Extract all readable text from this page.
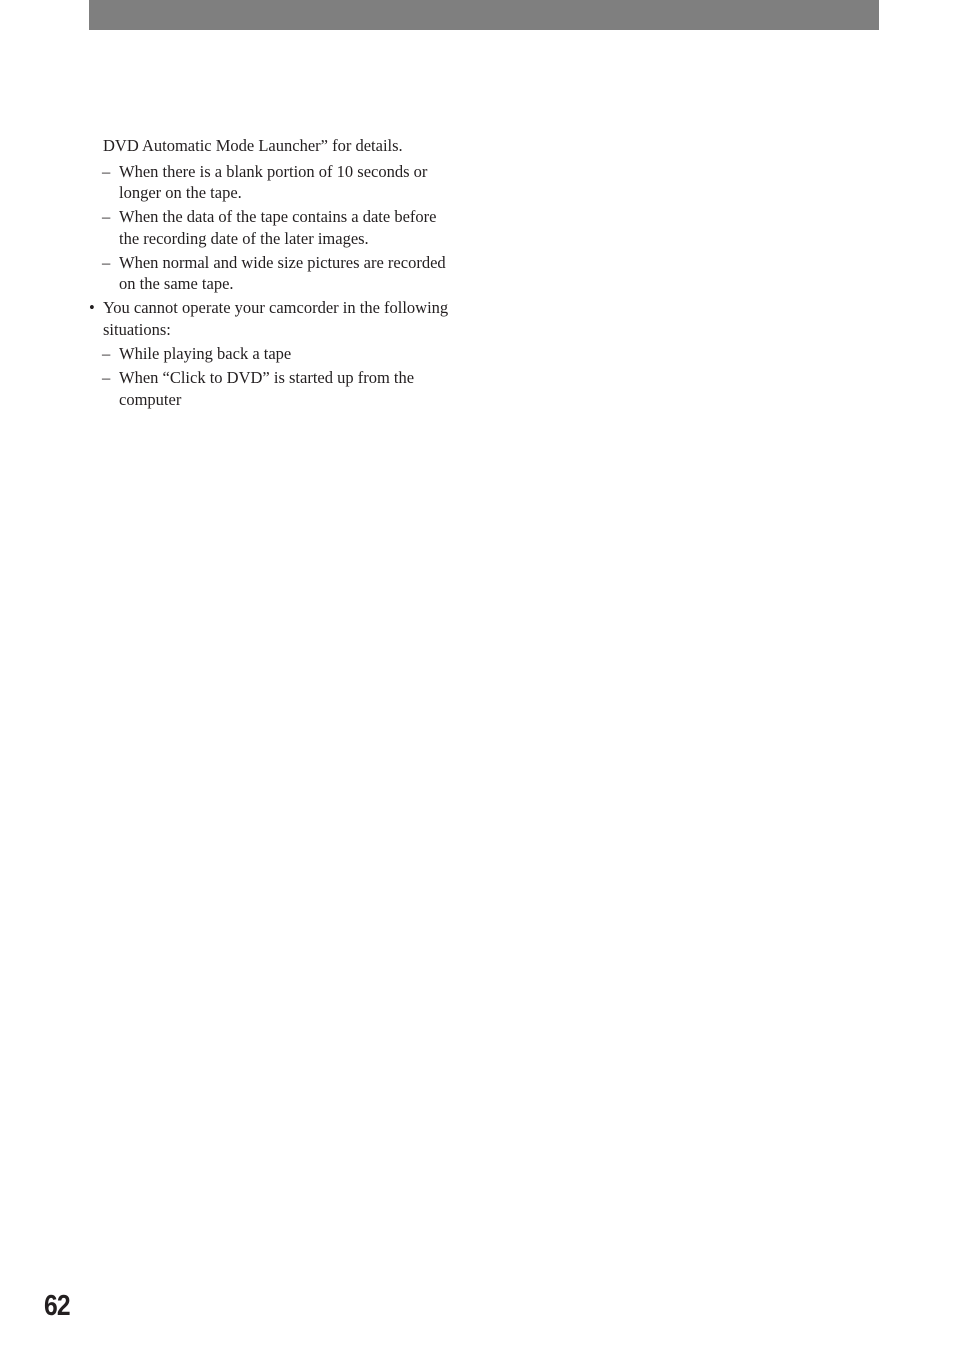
DVD Automatic Mode Launcher” for details.
– When there is a blank portion of 10 seconds or longer on the tape.
– When the data of the tape contains a date before the recording date of the later images.
– When normal and wide size pictures are recorded on the same tape.
• You cannot operate your camcorder in the following situations:
– While playing back a tape
– When “Click to DVD” is started up from the computer
62
